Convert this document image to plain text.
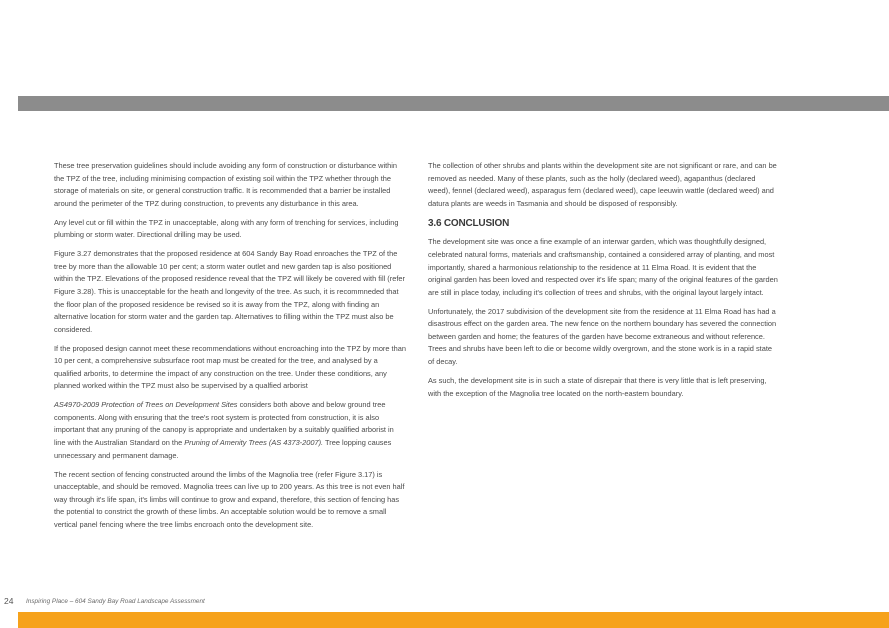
These tree preservation guidelines should include avoiding any form of construction or disturbance within the TPZ of the tree, including minimising compaction of existing soil within the TPZ whether through the storage of materials on site, or general construction traffic. It is recommended that a barrier be installed around the perimeter of the TPZ during construction, to prevents any disturbance in this area.

Any level cut or fill within the TPZ in unacceptable, along with any form of trenching for services, including plumbing or storm water. Directional drilling may be used.

Figure 3.27 demonstrates that the proposed residence at 604 Sandy Bay Road enroaches the TPZ of the tree by more than the allowable 10 per cent; a storm water outlet and new garden tap is also positioned within the TPZ. Elevations of the proposed residence reveal that the TPZ will likely be covered with fill (refer Figure 3.28). This is unacceptable for the heath and longevity of the tree. As such, it is recommneded that the floor plan of the proposed residence be revised so it is away from the TPZ, along with finding an alternative location for storm water and the garden tap. Alternatives to filling within the TPZ must also be considered.

If the proposed design cannot meet these recommendations without encroaching into the TPZ by more than 10 per cent, a comprehensive subsurface root map must be created for the tree, and analysed by a qualified arborits, to determine the impact of any construction on the tree. Under these conditions, any planned worked within the TPZ must also be supervised by a qualfied arborist

AS4970-2009 Protection of Trees on Development Sites considers both above and below ground tree components. Along with ensuring that the tree's root system is protected from construction, it is also important that any pruning of the canopy is appropriate and undertaken by a suitably qualified arborist in line with the Australian Standard on the Pruning of Amenity Trees (AS 4373-2007). Tree lopping causes unnecessary and permanent damage.

The recent section of fencing constructed around the limbs of the Magnolia tree (refer Figure 3.17) is unacceptable, and should be removed. Magnolia trees can live up to 200 years. As this tree is not even half way through it's life span, it's limbs will continue to grow and expand, therefore, this section of fencing has the potential to constrict the growth of these limbs. An acceptable solution would be to remove a small vertical panel fencing where the tree limbs encroach onto the development site.

The collection of other shrubs and plants within the development site are not significant or rare, and can be removed as needed. Many of these plants, such as the holly (declared weed), agapanthus (declared weed), fennel (declared weed), asparagus fern (declared weed), cape leeuwin wattle (declared weed) and datura plants are weeds in Tasmania and should be disposed of responsibly.

3.6 CONCLUSION

The development site was once a fine example of an interwar garden, which was thoughtfully designed, celebrated natural forms, materials and craftsmanship, contained a considered array of planting, and most importantly, shared a harmonious relationship to the residence at 11 Elma Road. It is evident that the original garden has been loved and respected over it's life span; many of the original features of the garden are still in place today, including it's collection of trees and shrubs, with the original layout largely intact.

Unfortunately, the 2017 subdivision of the development site from the residence at 11 Elma Road has had a disastrous effect on the garden area. The new fence on the northern boundary has severed the connection between garden and home; the features of the garden have become extraneous and without reference. Trees and shrubs have been left to die or become wildly overgrown, and the stone work is in a rapid state of decay.

As such, the development site is in such a state of disrepair that there is very little that is left preserving, with the exception of the Magnolia tree located on the north-eastern boundary.

24 Inspiring Place – 604 Sandy Bay Road Landscape Assessment
